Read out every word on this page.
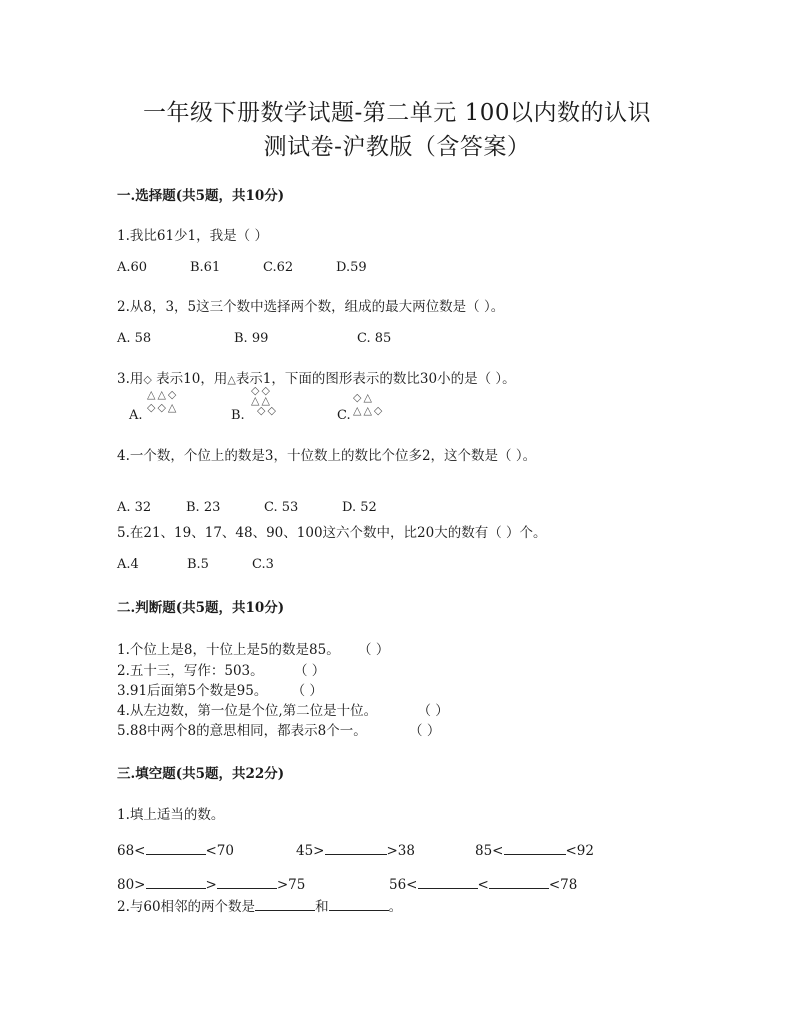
一年级下册数学试题-第二单元 100以内数的认识
测试卷-沪教版（含答案）
一.选择题(共5题，共10分)
1.我比61少1，我是（ ）
A.60	B.61	C.62	D.59
2.从8，3，5这三个数中选择两个数，组成的最大两位数是（ ）。
A. 58	B. 99	C. 85
3.用◇ 表示10，用△表示1，下面的图形表示的数比30小的是（ ）。
A.
△△◇
◇◇△
B.
◇◇
△△
◇◇	C.
◇△
△△◇
4.一个数，个位上的数是3，十位数上的数比个位多2，这个数是（ ）。
A. 32	B. 23	C. 53	D. 52
5.在21、19、17、48、90、100这六个数中，比20大的数有（ ）个。
A.4	B.5	C.3
二.判断题(共5题，共10分)
1.个位上是8，十位上是5的数是85。 （ ）
2.五十三，写作：503。 （ ）
3.91后面第5个数是95。 （ ）
4.从左边数，第一位是个位,第二位是十位。	（ ）
5.88中两个8的意思相同，都表示8个一。	（ ）
三.填空题(共5题，共22分)
1.填上适当的数。
68<	<70	45>	>38	85<	<92
80>	>	>75	56<	<	<78
2.与60相邻的两个数是	和	。
